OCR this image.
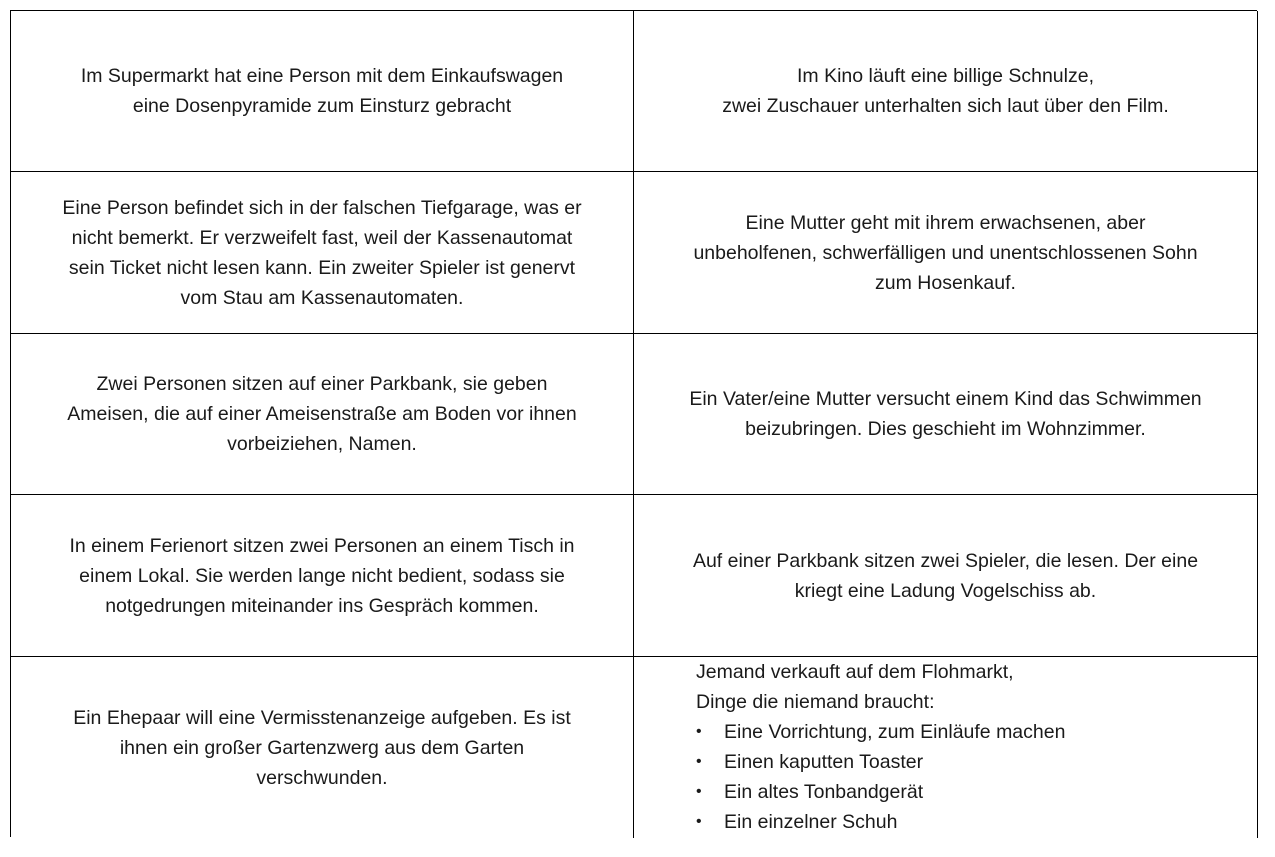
Im Supermarkt hat eine Person mit dem Einkaufswagen
eine Dosenpyramide zum Einsturz gebracht

Im Kino läuft eine billige Schnulze,
zwei Zuschauer unterhalten sich laut über den Film.

Eine Person befindet sich in der falschen Tiefgarage, was er
nicht bemerkt. Er verzweifelt fast, weil der Kassenautomat
sein Ticket nicht lesen kann. Ein zweiter Spieler ist genervt
vom Stau am Kassenautomaten.

Eine Mutter geht mit ihrem erwachsenen, aber
unbeholfenen, schwerfälligen und unentschlossenen Sohn
zum Hosenkauf.

Zwei Personen sitzen auf einer Parkbank, sie geben
Ameisen, die auf einer Ameisenstraße am Boden vor ihnen
vorbeiziehen, Namen.

Ein Vater/eine Mutter versucht einem Kind das Schwimmen
beizubringen. Dies geschieht im Wohnzimmer.

In einem Ferienort sitzen zwei Personen an einem Tisch in
einem Lokal. Sie werden lange nicht bedient, sodass sie
notgedrungen miteinander ins Gespräch kommen.

Auf einer Parkbank sitzen zwei Spieler, die lesen. Der eine
kriegt eine Ladung Vogelschiss ab.

Ein Ehepaar will eine Vermisstenanzeige aufgeben. Es ist
ihnen ein großer Gartenzwerg aus dem Garten
verschwunden.

Jemand verkauft auf dem Flohmarkt,
Dinge die niemand braucht:

• Eine Vorrichtung, zum Einläufe machen
• Einen kaputten Toaster
• Ein altes Tonbandgerät
• Ein einzelner Schuh
